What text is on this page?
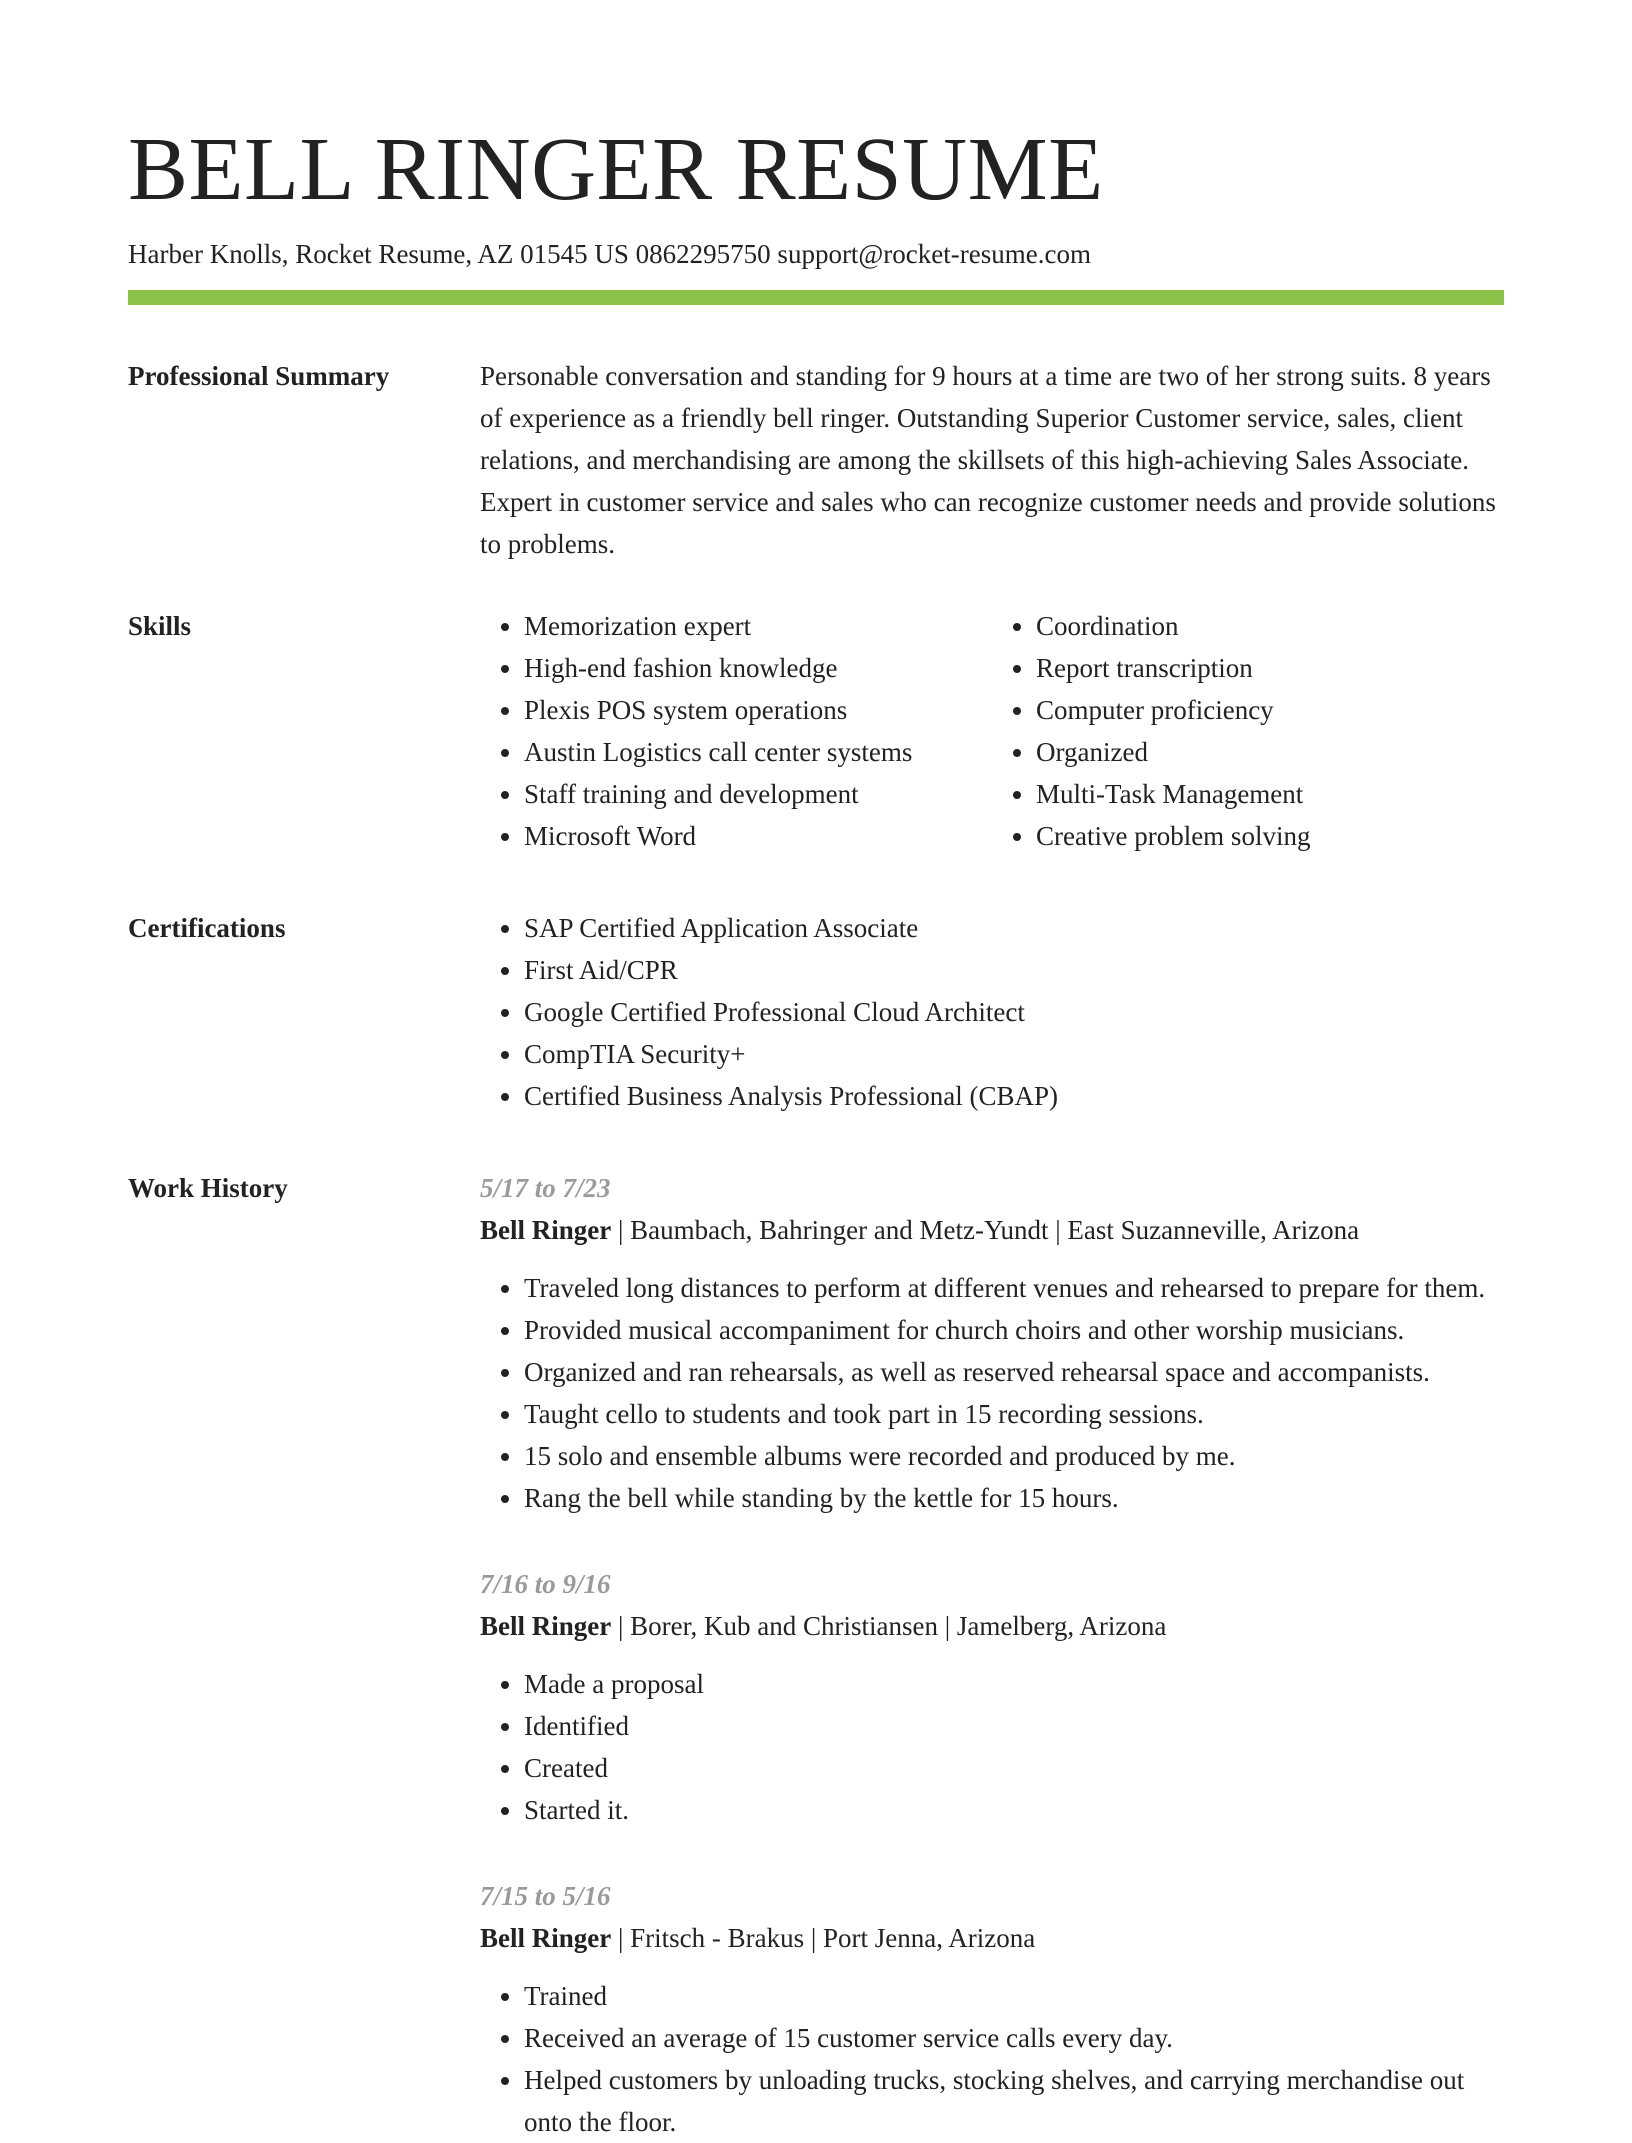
BELL RINGER RESUME
Harber Knolls, Rocket Resume, AZ 01545 US 0862295750 support@rocket-resume.com
Professional Summary	Personable conversation and standing for 9 hours at a time are two of her strong suits. 8 years of experience as a friendly bell ringer. Outstanding Superior Customer service, sales, client relations, and merchandising are among the skillsets of this high-achieving Sales Associate. Expert in customer service and sales who can recognize customer needs and provide solutions to problems.

Skills	• Memorization expert
• High-end fashion knowledge
• Plexis POS system operations
• Austin Logistics call center systems
• Staff training and development
• Microsoft Word
• Coordination
• Report transcription
• Computer proficiency
• Organized
• Multi-Task Management
• Creative problem solving
Certifications	• SAP Certified Application Associate
• First Aid/CPR
• Google Certified Professional Cloud Architect
• CompTIA Security+
• Certified Business Analysis Professional (CBAP)
Work History	5/17 to 7/23
Bell Ringer | Baumbach, Bahringer and Metz-Yundt | East Suzanneville, Arizona
• Traveled long distances to perform at different venues and rehearsed to prepare for them.
• Provided musical accompaniment for church choirs and other worship musicians.
• Organized and ran rehearsals, as well as reserved rehearsal space and accompanists.
• Taught cello to students and took part in 15 recording sessions.
• 15 solo and ensemble albums were recorded and produced by me.
• Rang the bell while standing by the kettle for 15 hours.
7/16 to 9/16
Bell Ringer | Borer, Kub and Christiansen | Jamelberg, Arizona
• Made a proposal
• Identified
• Created
• Started it.
7/15 to 5/16
Bell Ringer | Fritsch - Brakus | Port Jenna, Arizona
• Trained
• Received an average of 15 customer service calls every day.
• Helped customers by unloading trucks, stocking shelves, and carrying merchandise out onto the floor.
